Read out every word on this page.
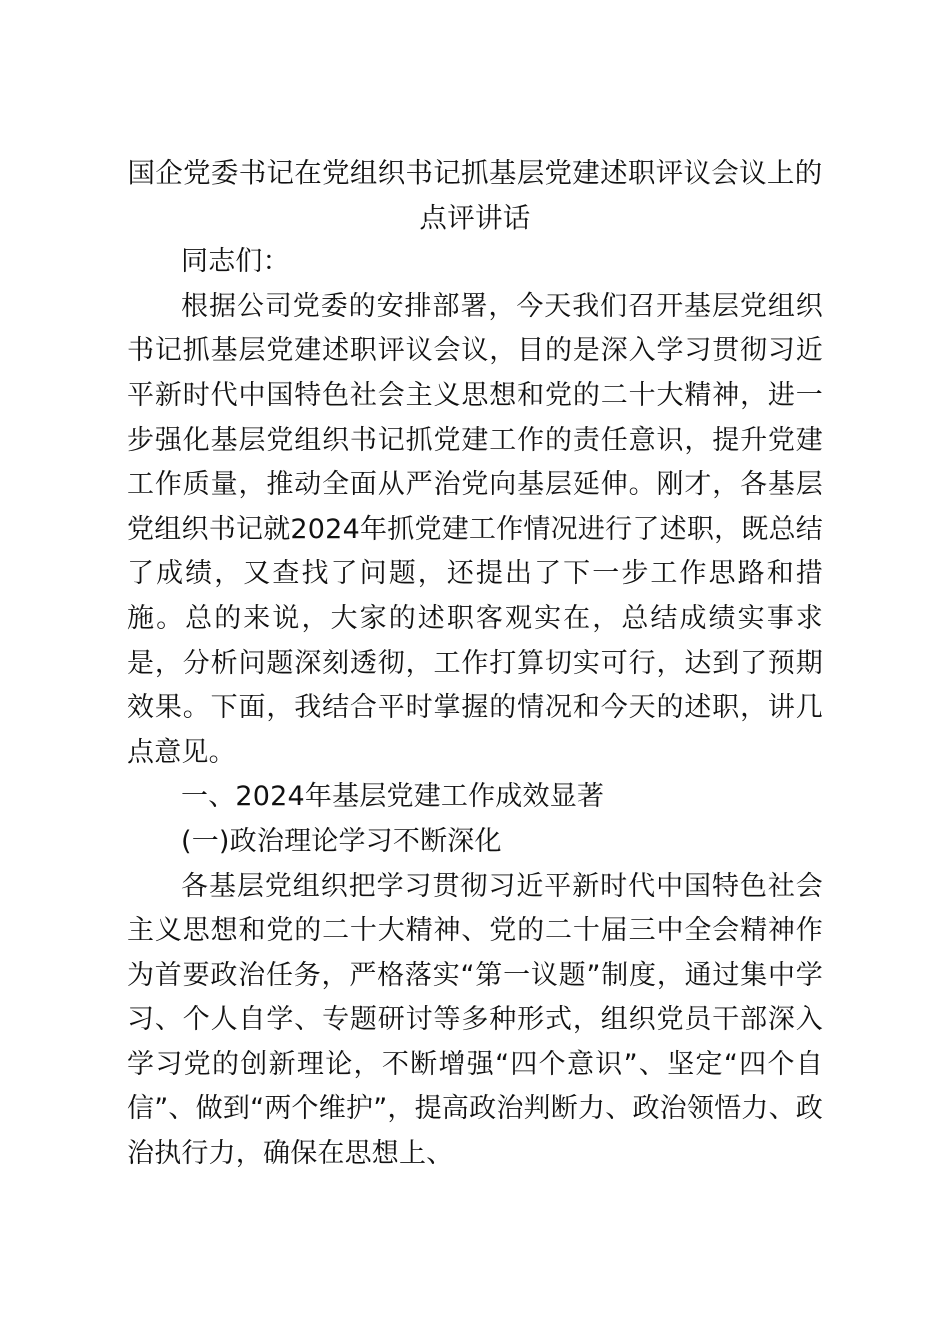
国企党委书记在党组织书记抓基层党建述职评议会议上的点评讲话

同志们：

根据公司党委的安排部署，今天我们召开基层党组织书记抓基层党建述职评议会议，目的是深入学习贯彻习近平新时代中国特色社会主义思想和党的二十大精神，进一步强化基层党组织书记抓党建工作的责任意识，提升党建工作质量，推动全面从严治党向基层延伸。刚才，各基层党组织书记就2024年抓党建工作情况进行了述职，既总结了成绩，又查找了问题，还提出了下一步工作思路和措施。总的来说，大家的述职客观实在，总结成绩实事求是，分析问题深刻透彻，工作打算切实可行，达到了预期效果。下面，我结合平时掌握的情况和今天的述职，讲几点意见。

一、2024年基层党建工作成效显著

(一)政治理论学习不断深化

各基层党组织把学习贯彻习近平新时代中国特色社会主义思想和党的二十大精神、党的二十届三中全会精神作为首要政治任务，严格落实“第一议题”制度，通过集中学习、个人自学、专题研讨等多种形式，组织党员干部深入学习党的创新理论，不断增强“四个意识”、坚定“四个自信”、做到“两个维护”，提高政治判断力、政治领悟力、政治执行力，确保在思想上、
